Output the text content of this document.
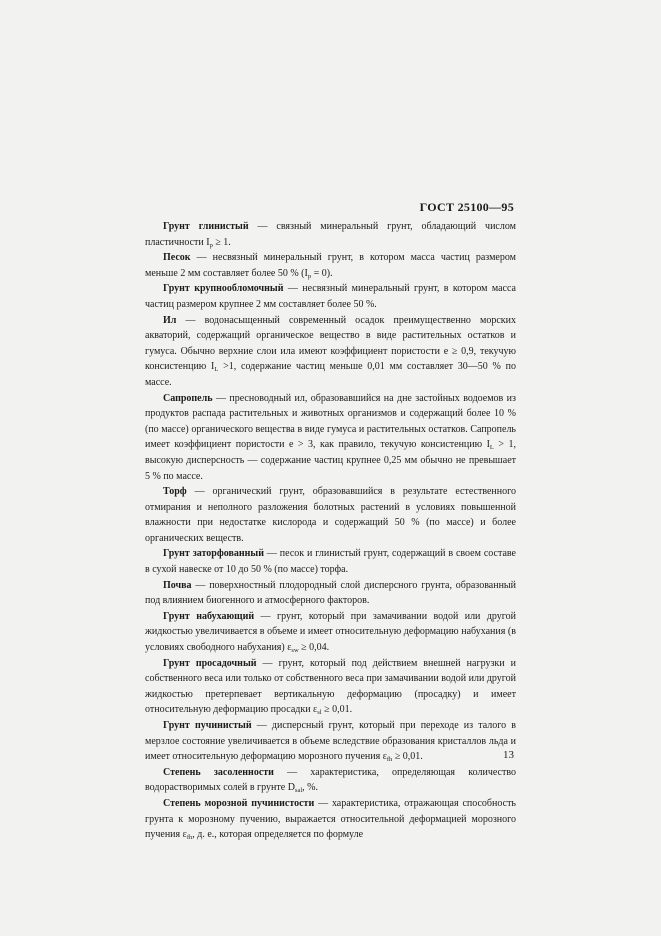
ГОСТ 25100—95

Грунт глинистый — связный минеральный грунт, обладающий числом пластичности $I_p \ge 1$.

Песок — несвязный минеральный грунт, в котором масса частиц размером меньше 2 мм составляет более 50 % $(I_p = 0)$.

Грунт крупнообломочный — несвязный минеральный грунт, в котором масса частиц размером крупнее 2 мм составляет более 50 %.

Ил — водонасыщенный современный осадок преимущественно морских акваторий, содержащий органическое вещество в виде растительных остатков и гумуса. Обычно верхние слои ила имеют коэффициент пористости e ≥ 0,9, текучую консистенцию $I_L >1$, содержание частиц меньше 0,01 мм составляет 30—50 % по массе.

Сапропель — пресноводный ил, образовавшийся на дне застойных водоемов из продуктов распада растительных и животных организмов и содержащий более 10 % (по массе) органического вещества в виде гумуса и растительных остатков. Сапропель имеет коэффициент пористости e > 3, как правило, текучую консистенцию $I_L > 1$, высокую дисперсность — содержание частиц крупнее 0,25 мм обычно не превышает 5 % по массе.

Торф — органический грунт, образовавшийся в результате естественного отмирания и неполного разложения болотных растений в условиях повышенной влажности при недостатке кислорода и содержащий 50 % (по массе) и более органических веществ.

Грунт заторфованный — песок и глинистый грунт, содержащий в своем составе в сухой навеске от 10 до 50 % (по массе) торфа.

Почва — поверхностный плодородный слой дисперсного грунта, образованный под влиянием биогенного и атмосферного факторов.

Грунт набухающий — грунт, который при замачивании водой или другой жидкостью увеличивается в объеме и имеет относительную деформацию набухания (в условиях свободного набухания) $\varepsilon_{sw} \ge 0,04$.

Грунт просадочный — грунт, который под действием внешней нагрузки и собственного веса или только от собственного веса при замачивании водой или другой жидкостью претерпевает вертикальную деформацию (просадку) и имеет относительную деформацию просадки $\varepsilon_{sl} \ge 0,01$.

Грунт пучинистый — дисперсный грунт, который при переходе из талого в мерзлое состояние увеличивается в объеме вследствие образования кристаллов льда и имеет относительную деформацию морозного пучения $\varepsilon_{fh} \ge 0,01$.

Степень засоленности — характеристика, определяющая количество водорастворимых солей в грунте $D_{sal}$, %.

Степень морозной пучинистости — характеристика, отражающая способность грунта к морозному пучению, выражается относительной деформацией морозного пучения $\varepsilon_{fh}$, д. е., которая определяется по формуле

13
